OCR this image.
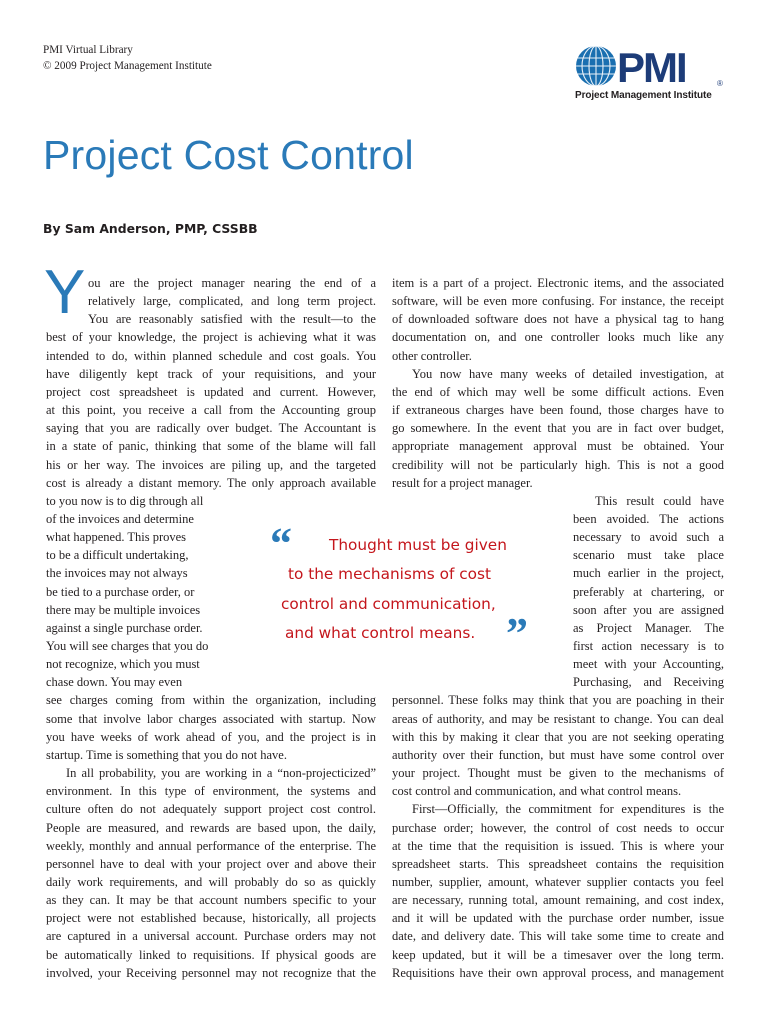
PMI Virtual Library
© 2009 Project Management Institute	PMI	®
Project Management Institute
Project Cost Control
By Sam Anderson, PMP, CSSBB
Y ou are the project manager nearing the end of a
relatively large, complicated, and long term project.
You are reasonably satisfied with the result—to the
best of your knowledge, the project is achieving what it was
intended to do, within planned schedule and cost goals. You
have diligently kept track of your requisitions, and your
project cost spreadsheet is updated and current. However,
at this point, you receive a call from the Accounting group
saying that you are radically over budget. The Accountant is
in a state of panic, thinking that some of the blame will fall
his or her way. The invoices are piling up, and the targeted
cost is already a distant memory. The only approach available
to you now is to dig through all
of the invoices and determine
what happened. This proves
to be a difficult undertaking,
the invoices may not always
be tied to a purchase order, or
there may be multiple invoices
against a single purchase order.
You will see charges that you do
not recognize, which you must
chase down. You may even
see charges coming from within the organization, including
some that involve labor charges associated with startup. Now
you have weeks of work ahead of you, and the project is in
startup. Time is something that you do not have.
In all probability, you are working in a “non-projecticized”
environment. In this type of environment, the systems and
culture often do not adequately support project cost control.
People are measured, and rewards are based upon, the daily,
weekly, monthly and annual performance of the enterprise. The
personnel have to deal with your project over and above their
daily work requirements, and will probably do so as quickly
as they can. It may be that account numbers specific to your
project were not established because, historically, all projects
are captured in a universal account. Purchase orders may not
be automatically linked to requisitions. If physical goods are
involved, your Receiving personnel may not recognize that the
item is a part of a project. Electronic items, and the associated
software, will be even more confusing. For instance, the receipt
of downloaded software does not have a physical tag to hang
documentation on, and one controller looks much like any
other controller.
You now have many weeks of detailed investigation, at
the end of which may well be some difficult actions. Even
if extraneous charges have been found, those charges have to
go somewhere. In the event that you are in fact over budget,
appropriate management approval must be obtained. Your
credibility will not be particularly high. This is not a good
result for a project manager.
This result could have
been avoided. The actions
necessary to avoid such a
scenario must take place
much earlier in the project,
preferably at chartering, or
soon after you are assigned
as Project Manager. The
first action necessary is to
meet with your Accounting,
Purchasing, and Receiving
personnel. These folks may think that you are poaching in their
areas of authority, and may be resistant to change. You can deal
with this by making it clear that you are not seeking operating
authority over their function, but must have some control over
your project. Thought must be given to the mechanisms of
cost control and communication, and what control means.
First—Officially, the commitment for expenditures is the
purchase order; however, the control of cost needs to occur
at the time that the requisition is issued. This is where your
spreadsheet starts. This spreadsheet contains the requisition
number, supplier, amount, whatever supplier contacts you feel
are necessary, running total, amount remaining, and cost index,
and it will be updated with the purchase order number, issue
date, and delivery date. This will take some time to create and
keep updated, but it will be a timesaver over the long term.
Requisitions have their own approval process, and management
“ Thought must be given
to the mechanisms of cost
control and communication,
and what control means. ”
